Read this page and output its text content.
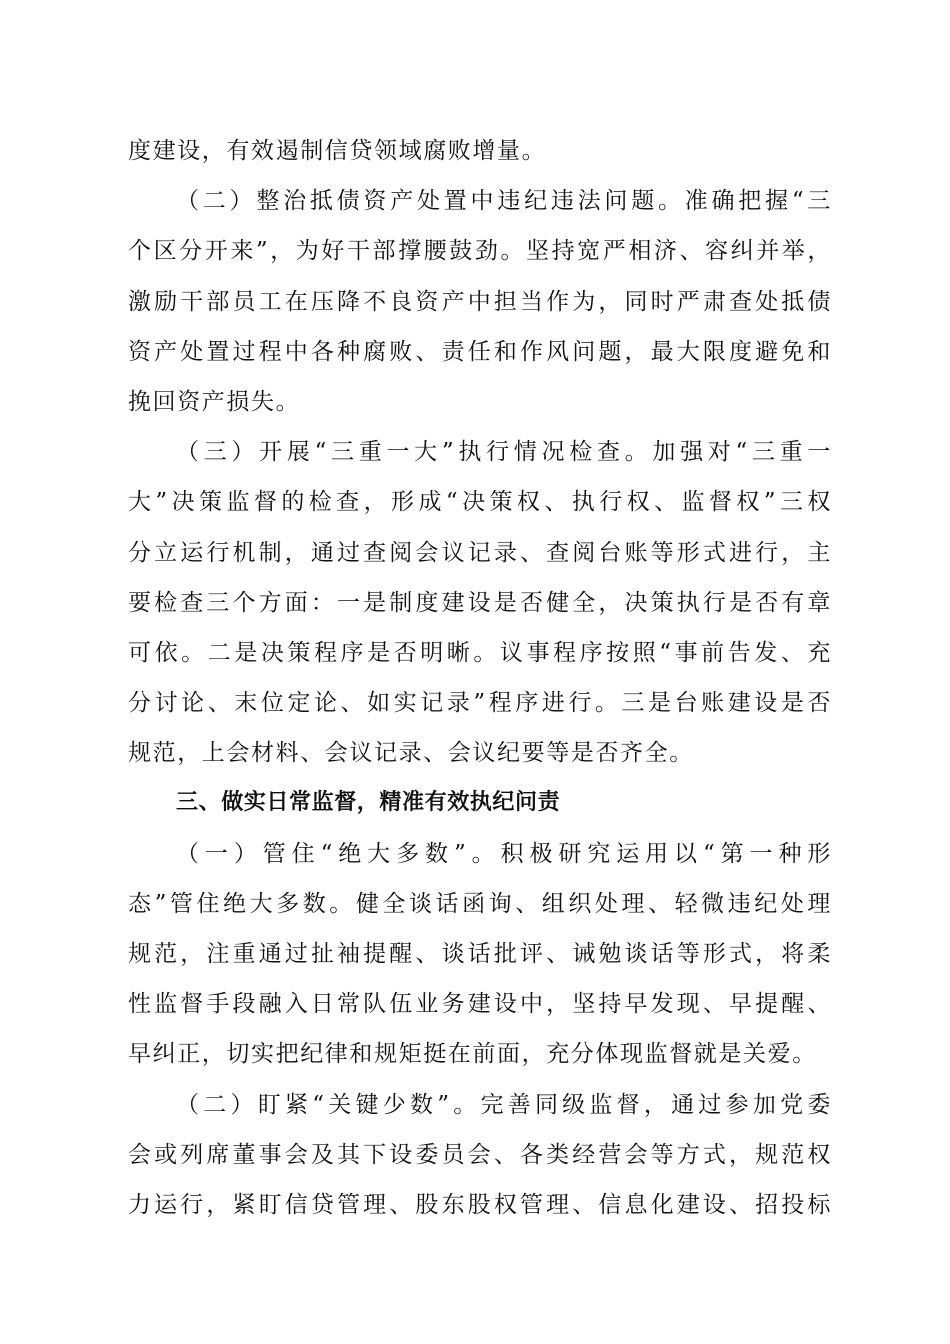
度建设，有效遏制信贷领域腐败增量。
（二）整治抵债资产处置中违纪违法问题。准确把握“三
个区分开来”，为好干部撑腰鼓劲。坚持宽严相济、容纠并举，
激励干部员工在压降不良资产中担当作为，同时严肃查处抵债
资产处置过程中各种腐败、责任和作风问题，最大限度避免和
挽回资产损失。
（三）开展“三重一大”执行情况检查。加强对“三重一
大”决策监督的检查，形成“决策权、执行权、监督权”三权
分立运行机制，通过查阅会议记录、查阅台账等形式进行，主
要检查三个方面：一是制度建设是否健全，决策执行是否有章
可依。二是决策程序是否明晰。议事程序按照“事前告发、充
分讨论、末位定论、如实记录”程序进行。三是台账建设是否
规范，上会材料、会议记录、会议纪要等是否齐全。
三、做实日常监督，精准有效执纪问责
（一）管住“绝大多数”。积极研究运用以“第一种形
态”管住绝大多数。健全谈话函询、组织处理、轻微违纪处理
规范，注重通过扯袖提醒、谈话批评、诫勉谈话等形式，将柔
性监督手段融入日常队伍业务建设中，坚持早发现、早提醒、
早纠正，切实把纪律和规矩挺在前面，充分体现监督就是关爱。
（二）盯紧“关键少数”。完善同级监督，通过参加党委
会或列席董事会及其下设委员会、各类经营会等方式，规范权
力运行，紧盯信贷管理、股东股权管理、信息化建设、招投标
